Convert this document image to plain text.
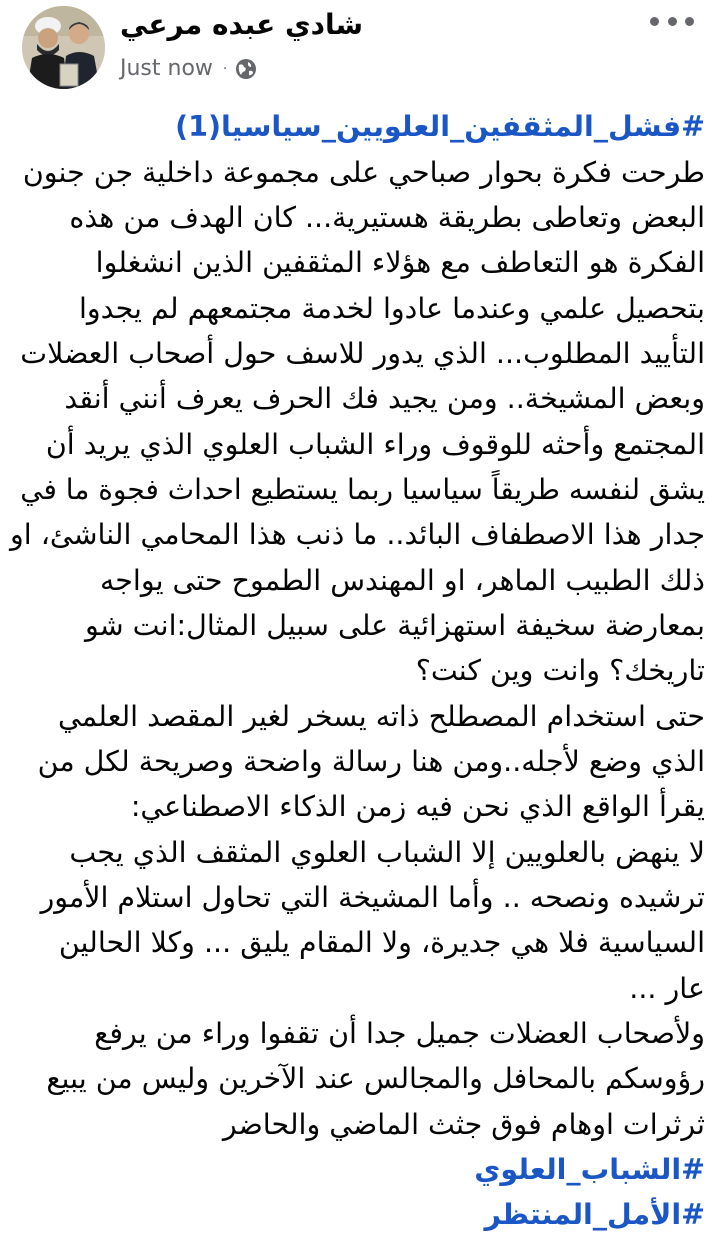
شادي عبده مرعي
Just now ·
#فشل_المثقفين_العلويين_سياسيا(1)
طرحت فكرة بحوار صباحي على مجموعة داخلية جن جنون
البعض وتعاطى بطريقة هستيرية... كان الهدف من هذه
الفكرة هو التعاطف مع هؤلاء المثقفين الذين انشغلوا
بتحصيل علمي وعندما عادوا لخدمة مجتمعهم لم يجدوا
التأييد المطلوب... الذي يدور للاسف حول أصحاب العضلات
وبعض المشيخة.. ومن يجيد فك الحرف يعرف أنني أنقد
المجتمع وأحثه للوقوف وراء الشباب العلوي الذي يريد أن
يشق لنفسه طريقاً سياسيا ربما يستطيع احداث فجوة ما في
جدار هذا الاصطفاف البائد.. ما ذنب هذا المحامي الناشئ، او
ذلك الطبيب الماهر، او المهندس الطموح حتى يواجه
بمعارضة سخيفة استهزائية على سبيل المثال:انت شو
تاريخك؟ وانت وين كنت؟
حتى استخدام المصطلح ذاته يسخر لغير المقصد العلمي
الذي وضع لأجله..ومن هنا رسالة واضحة وصريحة لكل من
يقرأ الواقع الذي نحن فيه زمن الذكاء الاصطناعي:
لا ينهض بالعلويين إلا الشباب العلوي المثقف الذي يجب
ترشيده ونصحه .. وأما المشيخة التي تحاول استلام الأمور
السياسية فلا هي جديرة، ولا المقام يليق ... وكلا الحالين
عار ...
ولأصحاب العضلات جميل جدا أن تقفوا وراء من يرفع
رؤوسكم بالمحافل والمجالس عند الآخرين وليس من يبيع
ثرثرات اوهام فوق جثث الماضي والحاضر
#الشباب_العلوي
#الأمل_المنتظر
